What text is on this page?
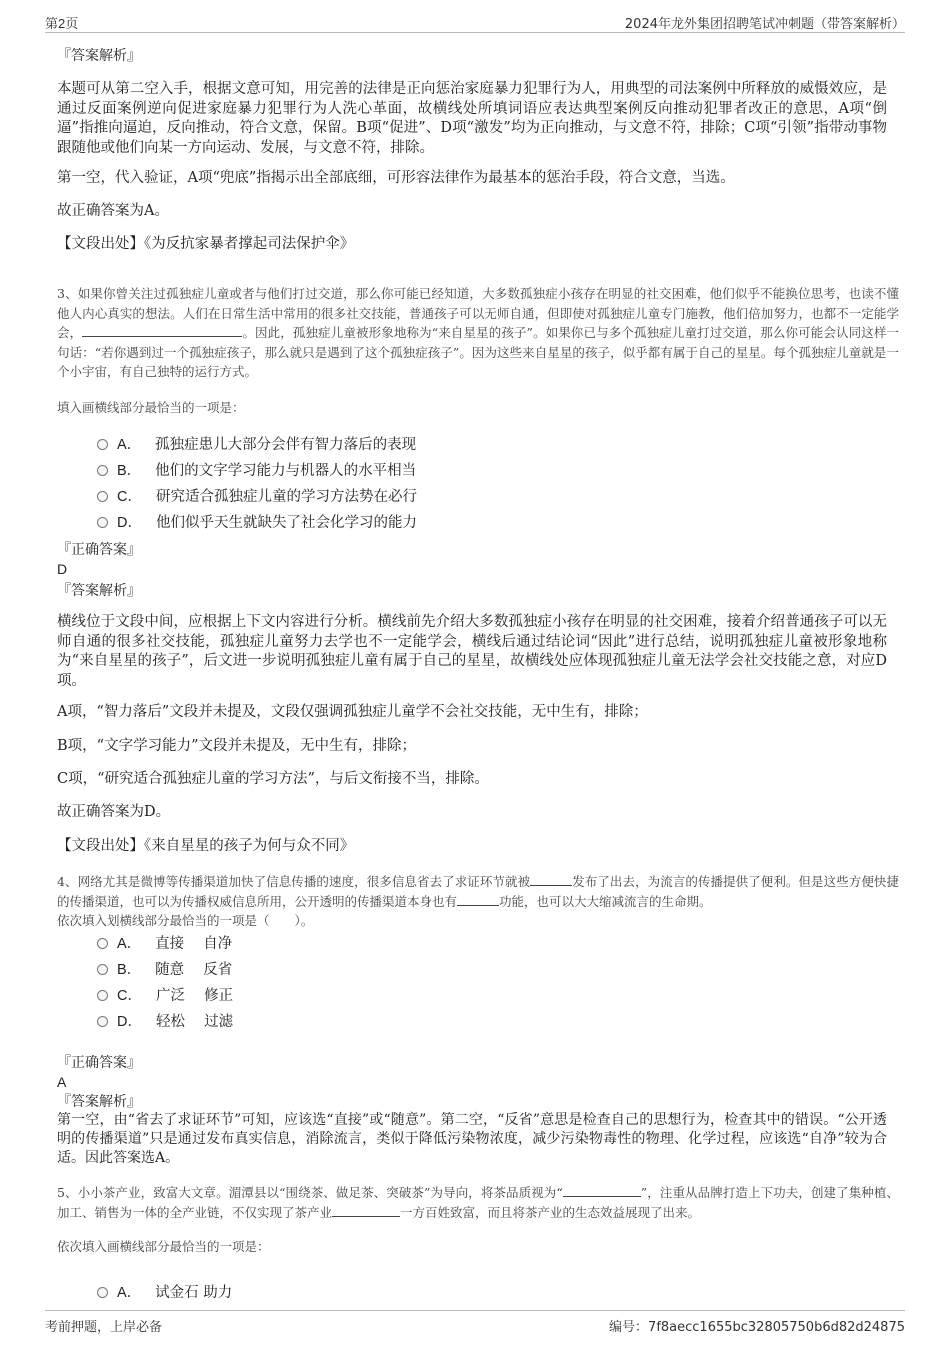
第2页	2024年龙外集团招聘笔试冲刺题（带答案解析）
『答案解析』
本题可从第二空入手，根据文意可知，用完善的法律是正向惩治家庭暴力犯罪行为人，用典型的司法案例中所释放的威慑效应，是通过反面案例逆向促进家庭暴力犯罪行为人洗心革面，故横线处所填词语应表达典型案例反向推动犯罪者改正的意思，A项“倒逼”指推向逼迫，反向推动，符合文意，保留。B项“促进”、D项“激发”均为正向推动，与文意不符，排除；C项“引领”指带动事物跟随他或他们向某一方向运动、发展，与文意不符，排除。
第一空，代入验证，A项“兜底”指揭示出全部底细，可形容法律作为最基本的惩治手段，符合文意，当选。
故正确答案为A。
【文段出处】《为反抗家暴者撑起司法保护伞》
3、如果你曾关注过孤独症儿童或者与他们打过交道，那么你可能已经知道，大多数孤独症小孩存在明显的社交困难，他们似乎不能换位思考，也读不懂他人内心真实的想法。人们在日常生活中常用的很多社交技能，普通孩子可以无师自通，但即使对孤独症儿童专门施教，他们倍加努力，也都不一定能学会，	。因此，孤独症儿童被形象地称为“来自星星的孩子”。如果你已与多个孤独症儿童打过交道，那么你可能会认同这样一句话：“若你遇到过一个孤独症孩子，那么就只是遇到了这个孤独症孩子”。因为这些来自星星的孩子，似乎都有属于自己的星星。每个孤独症儿童就是一个小宇宙，有自己独特的运行方式。
填入画横线部分最恰当的一项是：
A． 孤独症患儿大部分会伴有智力落后的表现
B． 他们的文字学习能力与机器人的水平相当
C． 研究适合孤独症儿童的学习方法势在必行
D． 他们似乎天生就缺失了社会化学习的能力
『正确答案』
D
『答案解析』
横线位于文段中间，应根据上下文内容进行分析。横线前先介绍大多数孤独症小孩存在明显的社交困难，接着介绍普通孩子可以无师自通的很多社交技能，孤独症儿童努力去学也不一定能学会，横线后通过结论词“因此”进行总结，说明孤独症儿童被形象地称为“来自星星的孩子”，后文进一步说明孤独症儿童有属于自己的星星，故横线处应体现孤独症儿童无法学会社交技能之意，对应D项。
A项，“智力落后”文段并未提及，文段仅强调孤独症儿童学不会社交技能，无中生有，排除；
B项，“文字学习能力”文段并未提及，无中生有，排除；
C项，“研究适合孤独症儿童的学习方法”，与后文衔接不当，排除。
故正确答案为D。
【文段出处】《来自星星的孩子为何与众不同》
4、网络尤其是微博等传播渠道加快了信息传播的速度，很多信息省去了求证环节就被	发布了出去，为流言的传播提供了便利。但是这些方便快捷的传播渠道，也可以为传播权威信息所用，公开透明的传播渠道本身也有	功能，也可以大大缩减流言的生命期。
依次填入划横线部分最恰当的一项是（　　）。
A． 直接　 自净
B． 随意　 反省
C． 广泛　 修正
D． 轻松　 过滤
『正确答案』
A
『答案解析』
第一空，由“省去了求证环节”可知，应该选“直接”或“随意”。第二空，“反省”意思是检查自己的思想行为，检查其中的错误。“公开透明的传播渠道”只是通过发布真实信息，消除流言，类似于降低污染物浓度，减少污染物毒性的物理、化学过程，应该选“自净”较为合适。因此答案选A。
5、小小茶产业，致富大文章。湄潭县以“围绕茶、做足茶、突破茶”为导向，将茶品质视为“	”，注重从品牌打造上下功夫，创建了集种植、加工、销售为一体的全产业链，不仅实现了茶产业	一方百姓致富，而且将茶产业的生态效益展现了出来。
依次填入画横线部分最恰当的一项是：
A． 试金石 助力
考前押题，上岸必备	编号：7f8aecc1655bc32805750b6d82d24875
